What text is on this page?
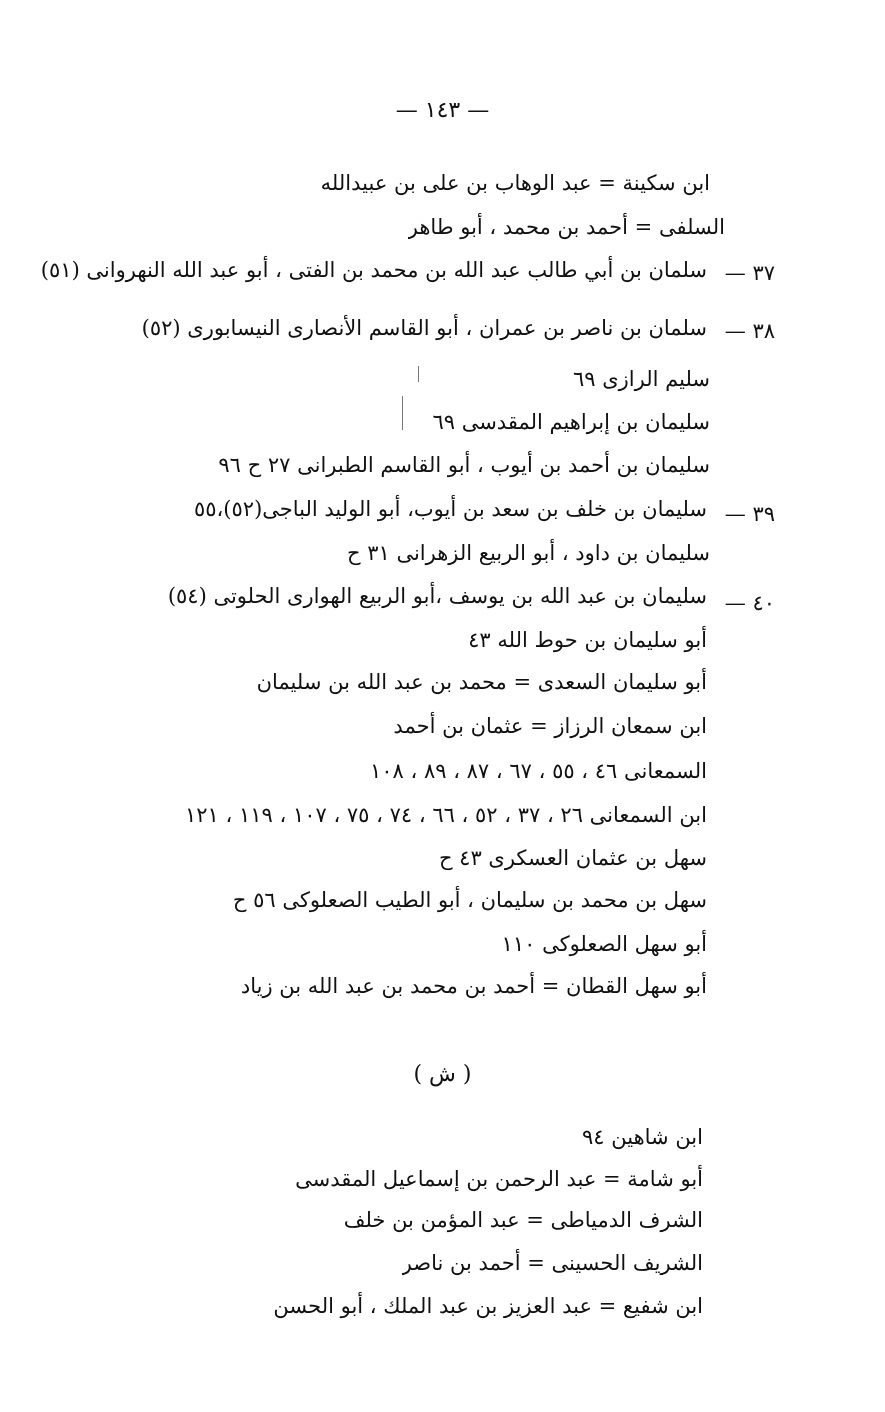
— ١٤٣ —
ابن سكينة = عبد الوهاب بن على بن عبيدالله
السلفى = أحمد بن محمد ، أبو طاهر
٣٧ —
سلمان بن أبي طالب عبد الله بن محمد بن الفتى ، أبو عبد الله النهروانى (٥١)
٣٨ —
سلمان بن ناصر بن عمران ، أبو القاسم الأنصارى النيسابورى (٥٢)
سليم الرازى ٦٩
سليمان بن إبراهيم المقدسى ٦٩
سليمان بن أحمد بن أيوب ، أبو القاسم الطبرانى ٢٧ ح ٩٦
٣٩ —
سليمان بن خلف بن سعد بن أيوب، أبو الوليد الباجى(٥٢)،٥٥
سليمان بن داود ، أبو الربيع الزهرانى ٣١ ح
٤٠ —
سليمان بن عبد الله بن يوسف ،أبو الربيع الهوارى الحلوتى (٥٤)
أبو سليمان بن حوط الله ٤٣
أبو سليمان السعدى = محمد بن عبد الله بن سليمان
ابن سمعان الرزاز = عثمان بن أحمد
السمعانى ٤٦ ، ٥٥ ، ٦٧ ، ٨٧ ، ٨٩ ، ١٠٨
ابن السمعانى ٢٦ ، ٣٧ ، ٥٢ ، ٦٦ ، ٧٤ ، ٧٥ ، ١٠٧ ، ١١٩ ، ١٢١
سهل بن عثمان العسكرى ٤٣ ح
سهل بن محمد بن سليمان ، أبو الطيب الصعلوكى ٥٦ ح
أبو سهل الصعلوكى ١١٠
أبو سهل القطان = أحمد بن محمد بن عبد الله بن زياد
( ش )
ابن شاهين ٩٤
أبو شامة = عبد الرحمن بن إسماعيل المقدسى
الشرف الدمياطى = عبد المؤمن بن خلف
الشريف الحسينى = أحمد بن ناصر
ابن شفيع = عبد العزيز بن عبد الملك ، أبو الحسن
